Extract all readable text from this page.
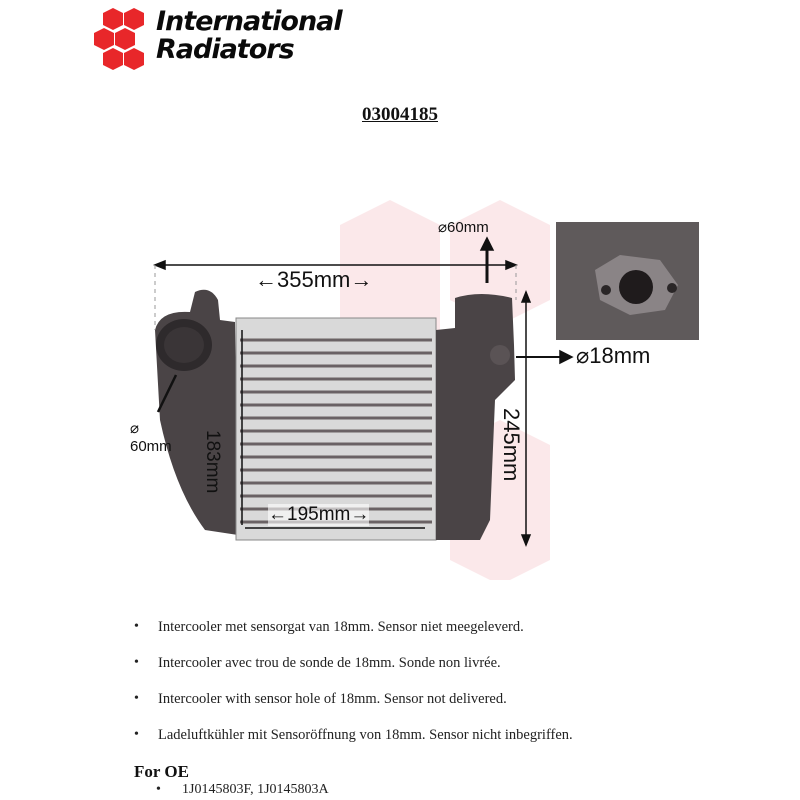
International
Radiators
03004185
←355mm→
⌀60mm
⌀18mm
⌀
60mm 183mm
←195mm→
245mm
• Intercooler met sensorgat van 18mm. Sensor niet meegeleverd.
• Intercooler avec trou de sonde de 18mm. Sonde non livrée.
• Intercooler with sensor hole of 18mm. Sensor not delivered.
• Ladeluftkühler mit Sensoröffnung von 18mm. Sensor nicht inbegriffen.
For OE
• 1J0145803F, 1J0145803A
